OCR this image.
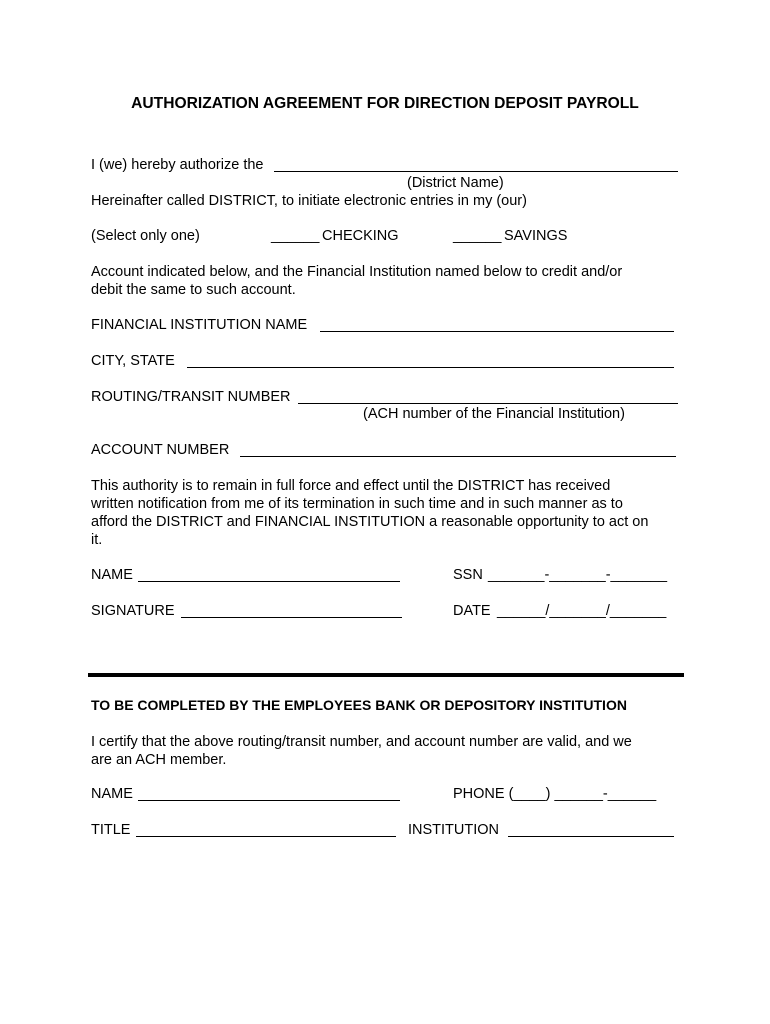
AUTHORIZATION AGREEMENT FOR DIRECTION DEPOSIT PAYROLL
I (we) hereby authorize the
(District Name)
Hereinafter called DISTRICT, to initiate electronic entries in my (our)
(Select only one)	______ CHECKING	______ SAVINGS
Account indicated below, and the Financial Institution named below to credit and/or
debit the same to such account.
FINANCIAL INSTITUTION NAME
CITY, STATE
ROUTING/TRANSIT NUMBER
(ACH number of the Financial Institution)
ACCOUNT NUMBER
This authority is to remain in full force and effect until the DISTRICT has received
written notification from me of its termination in such time and in such manner as to
afford the DISTRICT and FINANCIAL INSTITUTION a reasonable opportunity to act on
it.
NAME	SSN _______-_______-_______
SIGNATURE	DATE ______/_______/_______
TO BE COMPLETED BY THE EMPLOYEES BANK OR DEPOSITORY INSTITUTION
I certify that the above routing/transit number, and account number are valid, and we
are an ACH member.
NAME	PHONE (____) ______-______
TITLE	INSTITUTION
